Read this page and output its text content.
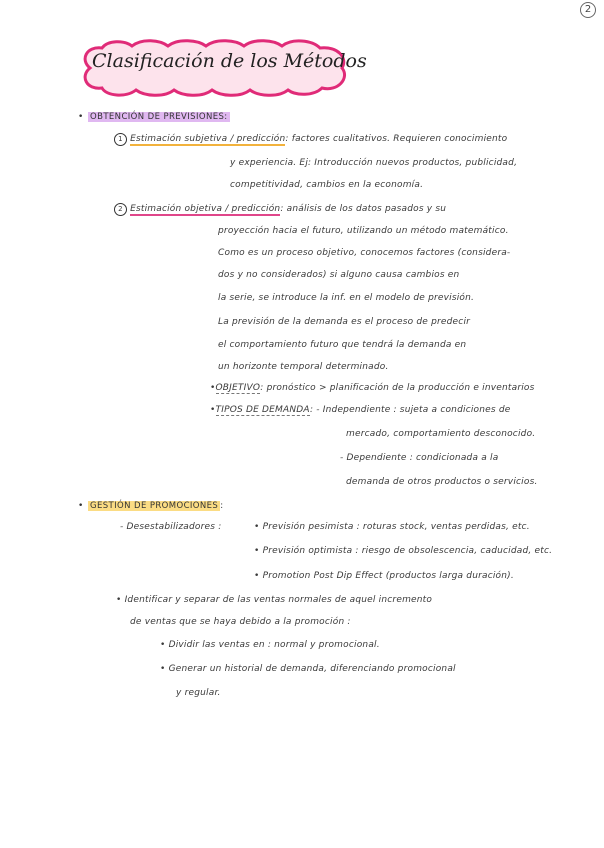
2
Clasificación de los Métodos
• OBTENCIÓN DE PREVISIONES:
1 Estimación subjetiva / predicción: factores cualitativos. Requieren conocimiento
y experiencia. Ej: Introducción nuevos productos, publicidad,
competitividad, cambios en la economía.
2 Estimación objetiva / predicción: análisis de los datos pasados y su
proyección hacia el futuro, utilizando un método matemático.
Como es un proceso objetivo, conocemos factores (considera-
dos y no considerados) si alguno causa cambios en
la serie, se introduce la inf. en el modelo de previsión.
La previsión de la demanda es el proceso de predecir
el comportamiento futuro que tendrá la demanda en
un horizonte temporal determinado.
•OBJETIVO: pronóstico > planificación de la producción e inventarios
•TIPOS DE DEMANDA: - Independiente : sujeta a condiciones de
mercado, comportamiento desconocido.
- Dependiente : condicionada a la
demanda de otros productos o servicios.
• GESTIÓN DE PROMOCIONES :
- Desestabilizadores :	• Previsión pesimista : roturas stock, ventas perdidas, etc.
• Previsión optimista : riesgo de obsolescencia, caducidad, etc.
• Promotion Post Dip Effect (productos larga duración).
• Identificar y separar de las ventas normales de aquel incremento
de ventas que se haya debido a la promoción :
• Dividir las ventas en : normal y promocional.
• Generar un historial de demanda, diferenciando promocional
y regular.
